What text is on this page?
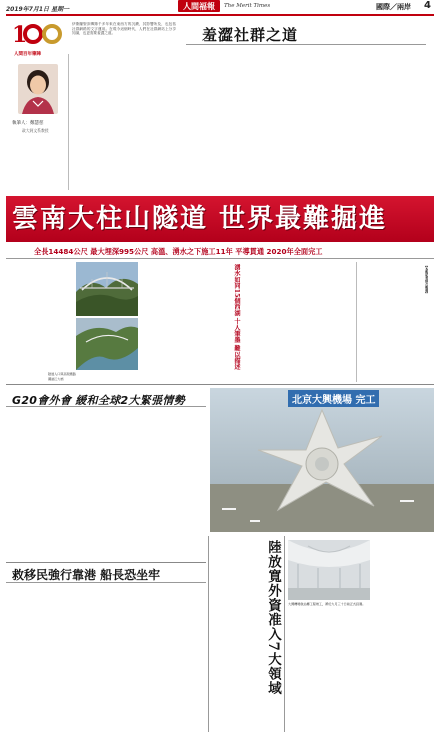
2019年7月1日 星期一	人間福報	The Merit Times	國際／兩岸 4
1
人間百年筆陣
羞澀社群之道
執筆人：鄭慧慈
政大阿文系教授
伊斯蘭聖訓傳錄千多年來在東西方的沉澱，其影響所及，也包括社群網路的文字運用。在現今這個時代，人們在社群網站上分享知識，也更需要羞澀之道。
雲南大柱山隧道 世界最難掘進
全長14484公尺 最大埋深995公尺 高溫、湧水之下施工11年 平導貫通 2020年全面完工
隧道入口與高架鐵路
瀾滄江大橋
湧水如同15個西湖 十人筆墨 難以描述	【本報記者綜合報導】
G20會外會 緩和全球2大緊張情勢	北京大興機場 完工
救移民強行靠港 船長恐坐牢	陸放寬外資准入7大領域 大興機場航站樓工程竣工，將於九月三十日前正式投運。
